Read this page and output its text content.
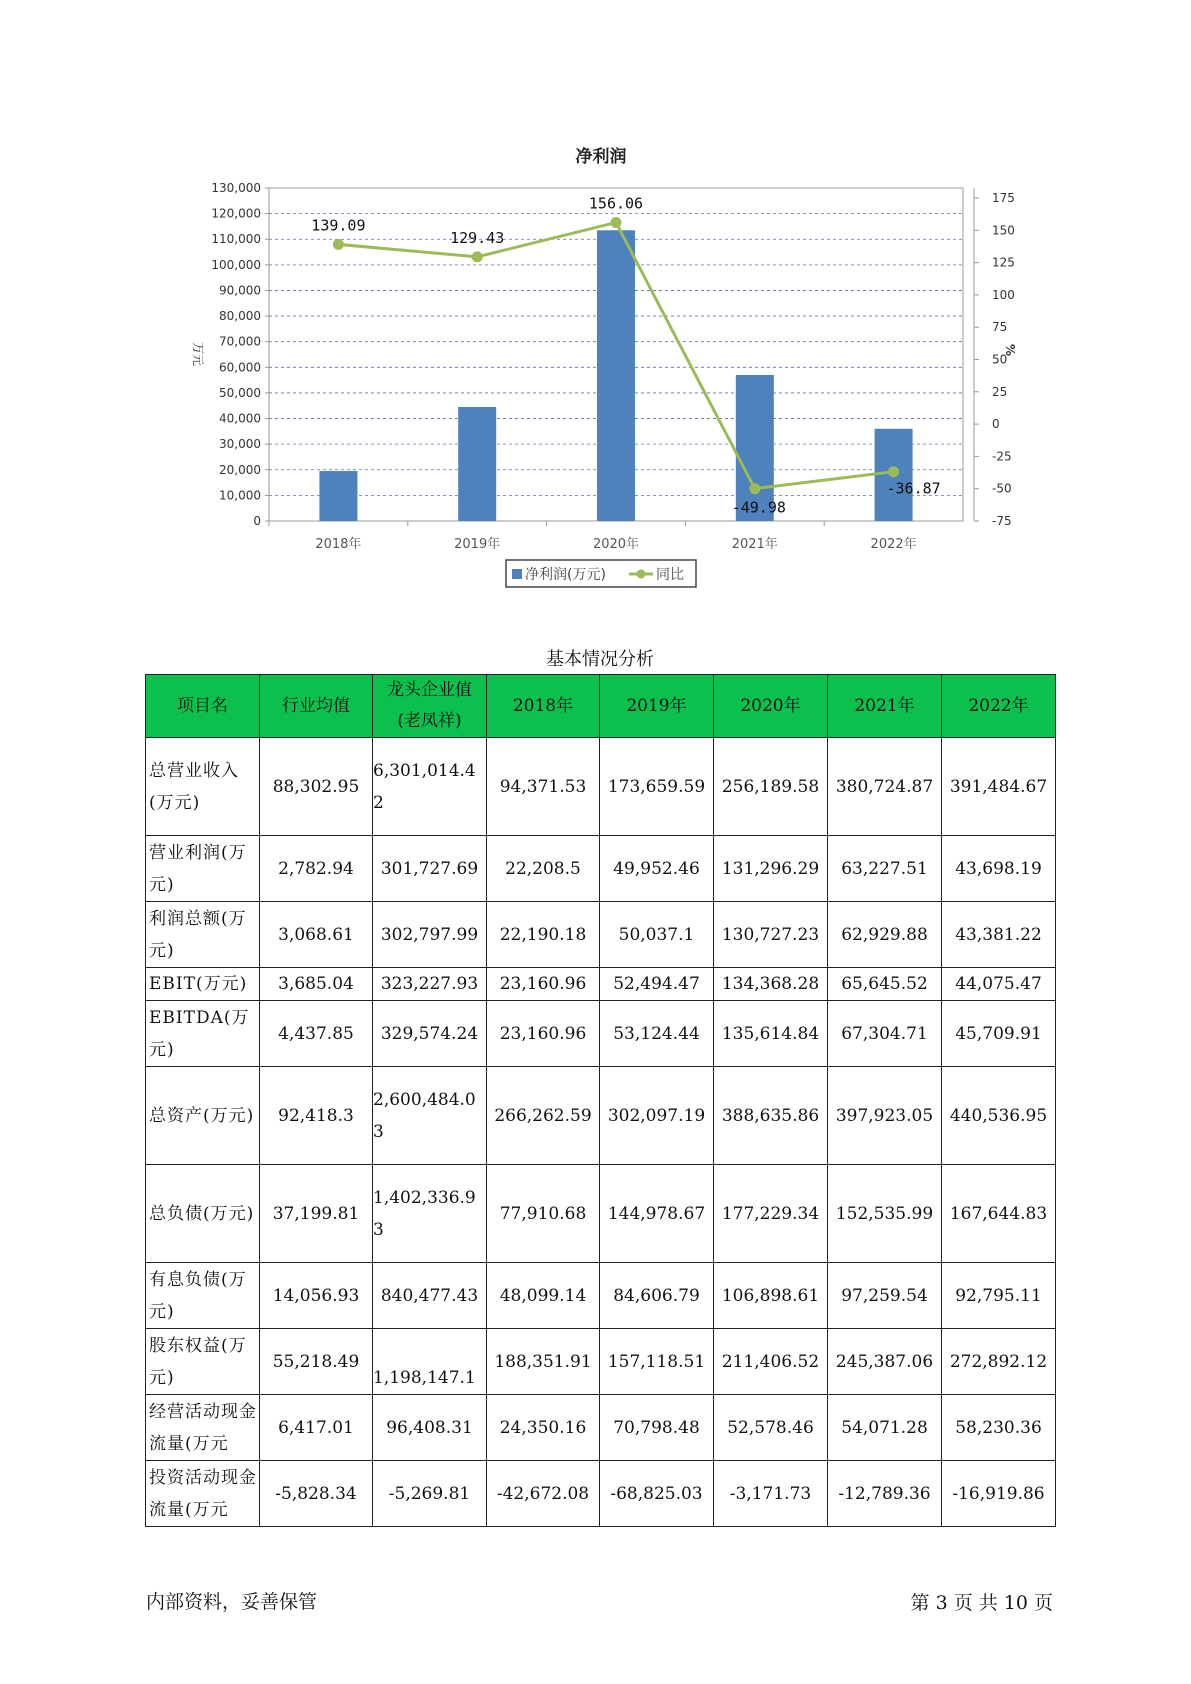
净利润
130,000
120,000
110,000
100,000
90,000
80,000
70,000
60,000
50,000
40,000
30,000
20,000
10,000
0
175
150
125
100
75
50
25
0
-25
-50
-75
2018年	2019年	2020年	2021年	2022年
139.09
129.43
156.06
-49.98
-36.87
万元	%
净利润(万元)	同比
基本情况分析
项目名	行业均值	龙头企业值(老凤祥)	2018年	2019年	2020年	2021年	2022年
总营业收入(万元)	88,302.95	6,301,014.42	94,371.53	173,659.59	256,189.58	380,724.87	391,484.67
营业利润(万元)	2,782.94	301,727.69	22,208.5	49,952.46	131,296.29	63,227.51	43,698.19
利润总额(万元)	3,068.61	302,797.99	22,190.18	50,037.1	130,727.23	62,929.88	43,381.22
EBIT(万元)	3,685.04	323,227.93	23,160.96	52,494.47	134,368.28	65,645.52	44,075.47
EBITDA(万元)	4,437.85	329,574.24	23,160.96	53,124.44	135,614.84	67,304.71	45,709.91
总资产(万元)	92,418.3	2,600,484.03	266,262.59	302,097.19	388,635.86	397,923.05	440,536.95
总负债(万元)	37,199.81	1,402,336.93	77,910.68	144,978.67	177,229.34	152,535.99	167,644.83
有息负债(万元)	14,056.93	840,477.43	48,099.14	84,606.79	106,898.61	97,259.54	92,795.11
股东权益(万元)	55,218.49	1,198,147.1	188,351.91	157,118.51	211,406.52	245,387.06	272,892.12
经营活动现金流量(万元	6,417.01	96,408.31	24,350.16	70,798.48	52,578.46	54,071.28	58,230.36
投资活动现金流量(万元	-5,828.34	-5,269.81	-42,672.08	-68,825.03	-3,171.73	-12,789.36	-16,919.86
内部资料，妥善保管	第 3 页 共 10 页
